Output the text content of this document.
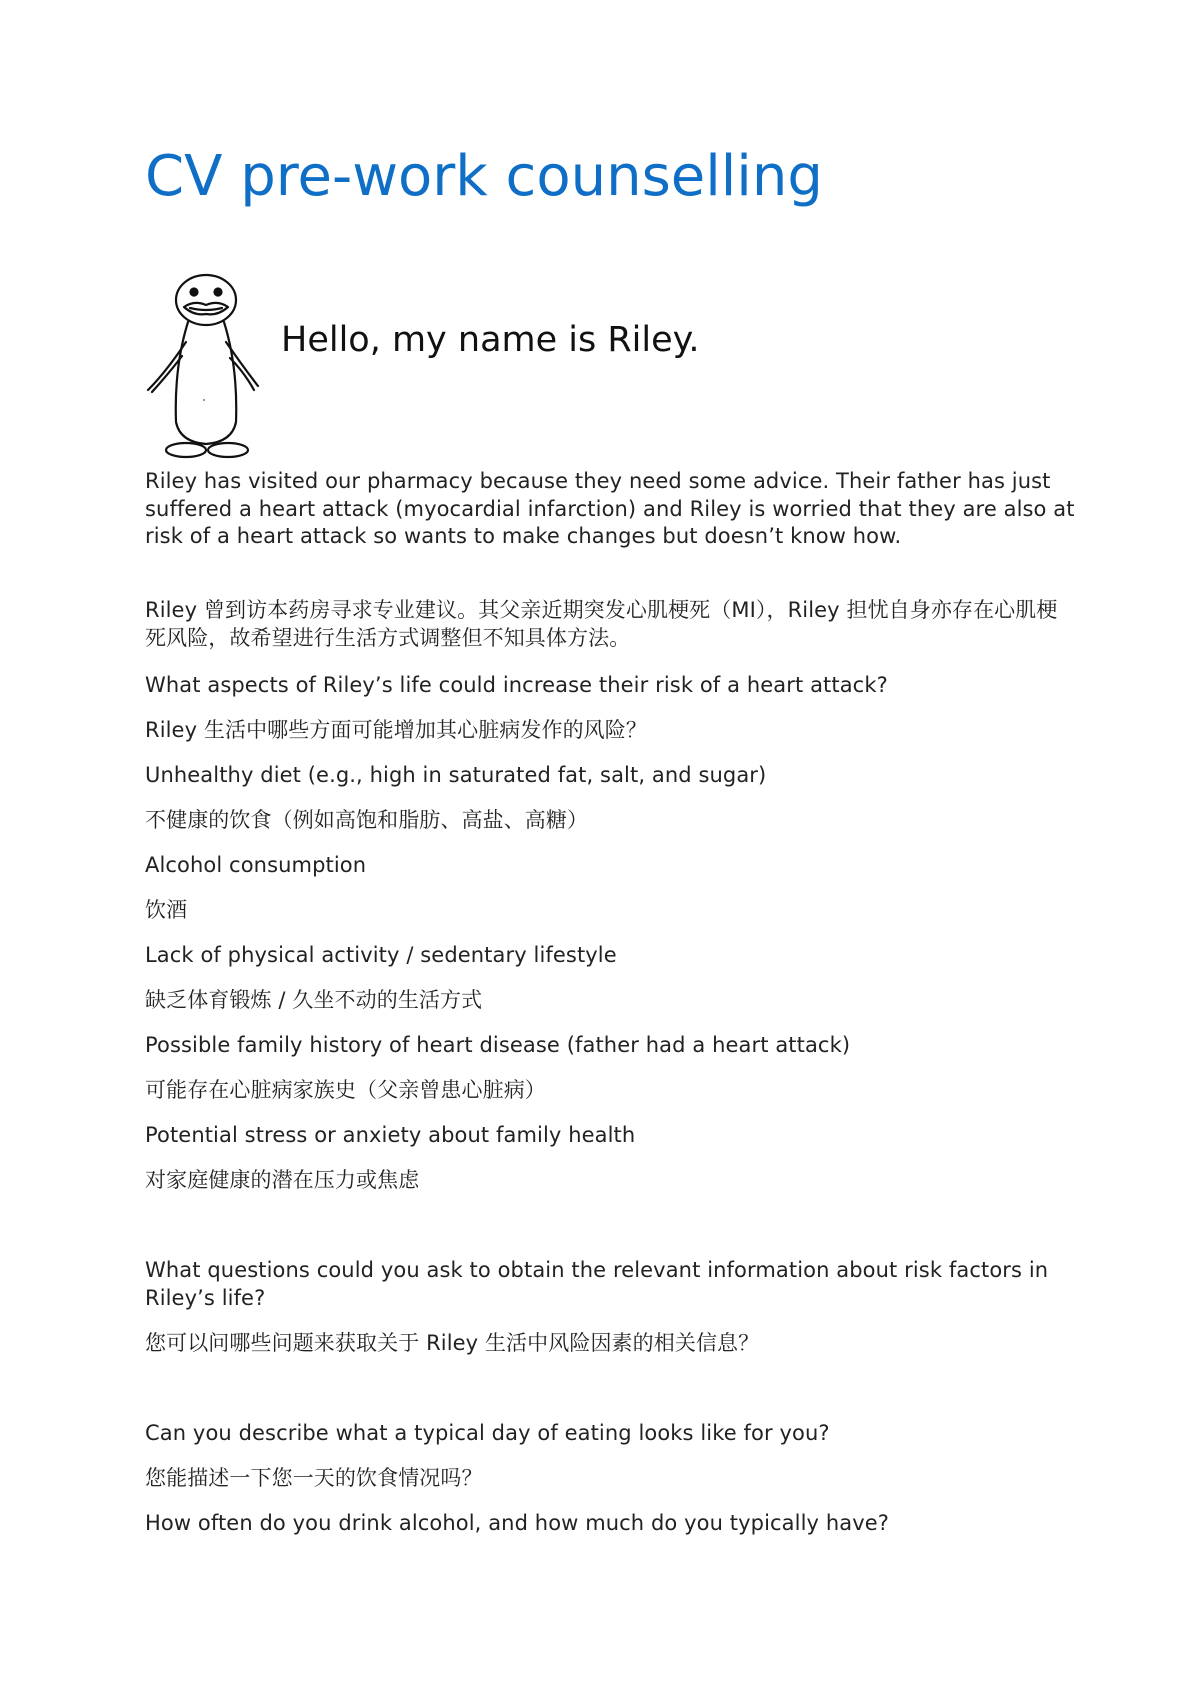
CV pre-work counselling
Hello, my name is Riley.

Riley has visited our pharmacy because they need some advice. Their father has just suffered a heart attack (myocardial infarction) and Riley is worried that they are also at risk of a heart attack so wants to make changes but doesn’t know how.

Riley 曾到访本药房寻求专业建议。其父亲近期突发心肌梗死（MI），Riley 担忧自身亦存在心肌梗死风险，故希望进行生活方式调整但不知具体方法。

What aspects of Riley’s life could increase their risk of a heart attack?

Riley 生活中哪些方面可能增加其心脏病发作的风险？

Unhealthy diet (e.g., high in saturated fat, salt, and sugar)

不健康的饮食（例如高饱和脂肪、高盐、高糖）

Alcohol consumption

饮酒

Lack of physical activity / sedentary lifestyle

缺乏体育锻炼 / 久坐不动的生活方式

Possible family history of heart disease (father had a heart attack)

可能存在心脏病家族史（父亲曾患心脏病）

Potential stress or anxiety about family health

对家庭健康的潜在压力或焦虑

What questions could you ask to obtain the relevant information about risk factors in Riley’s life?

您可以问哪些问题来获取关于 Riley 生活中风险因素的相关信息？

Can you describe what a typical day of eating looks like for you?

您能描述一下您一天的饮食情况吗？

How often do you drink alcohol, and how much do you typically have?
